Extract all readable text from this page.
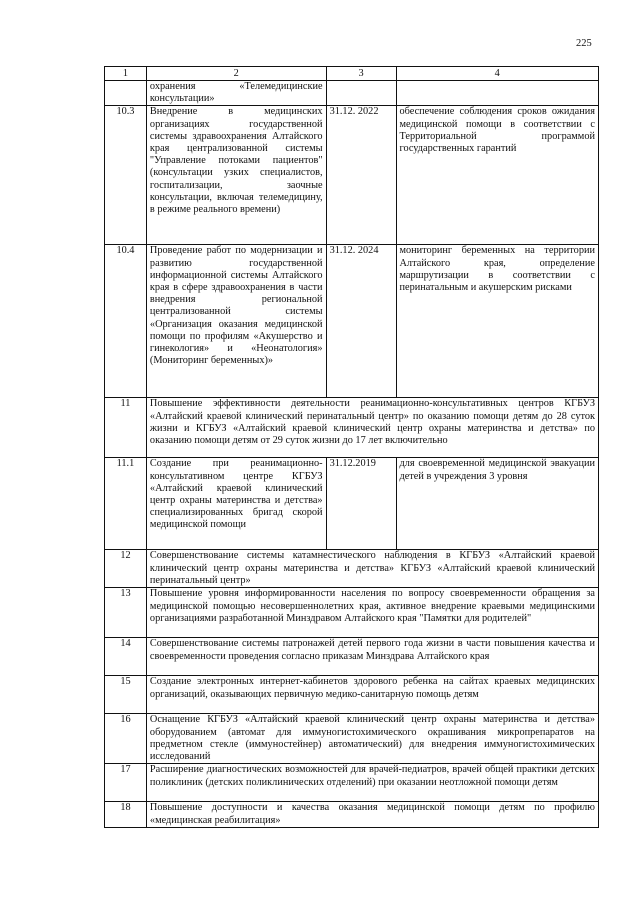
225
1	2	3	4
	охранения «Телемедицинские консультации»		
10.3	Внедрение в медицинских организациях государственной системы здравоохранения Алтайского края централизованной системы "Управление потоками пациентов" (консультации узких специалистов, госпитализации, заочные консультации, включая телемедицину, в режиме реального времени)	31.12. 2022	обеспечение соблюдения сроков ожидания медицинской помощи в соответствии с Территориальной программой государственных гарантий
10.4	Проведение работ по модернизации и развитию государственной информационной системы Алтайского края в сфере здравоохранения в части внедрения региональной централизованной системы «Организация оказания медицинской помощи по профилям «Акушерство и гинекология» и «Неонатология» (Мониторинг беременных)»	31.12. 2024	мониторинг беременных на территории Алтайского края, определение маршрутизации в соответствии с перинатальным и акушерским рисками
11	Повышение эффективности деятельности реанимационно-консультативных центров КГБУЗ «Алтайский краевой клинический перинатальный центр» по оказанию помощи детям до 28 суток жизни и КГБУЗ «Алтайский краевой клинический центр охраны материнства и детства» по оказанию помощи детям от 29 суток жизни до 17 лет включительно		
11.1	Создание при реанимационно-консультативном центре КГБУЗ «Алтайский краевой клинический центр охраны материнства и детства» специализированных бригад скорой медицинской помощи	31.12.2019	для своевременной медицинской эвакуации детей в учреждения 3 уровня
12	Совершенствование системы катамнестического наблюдения в КГБУЗ «Алтайский краевой клинический центр охраны материнства и детства» КГБУЗ «Алтайский краевой клинический перинатальный центр»		
13	Повышение уровня информированности населения по вопросу своевременности обращения за медицинской помощью несовершеннолетних края, активное внедрение краевыми медицинскими организациями разработанной Минздравом Алтайского края "Памятки для родителей"		
14	Совершенствование системы патронажей детей первого года жизни в части повышения качества и своевременности проведения согласно приказам Минздрава Алтайского края		
15	Создание электронных интернет-кабинетов здорового ребенка на сайтах краевых медицинских организаций, оказывающих первичную медико-санитарную помощь детям		
16	Оснащение КГБУЗ «Алтайский краевой клинический центр охраны материнства и детства» оборудованием (автомат для иммуногистохимического окрашивания микропрепаратов на предметном стекле (иммуностейнер) автоматический) для внедрения иммуногистохимических исследований		
17	Расширение диагностических возможностей для врачей-педиатров, врачей общей практики детских поликлиник (детских поликлинических отделений) при оказании неотложной помощи детям		
18	Повышение доступности и качества оказания медицинской помощи детям по профилю «медицинская реабилитация»		
